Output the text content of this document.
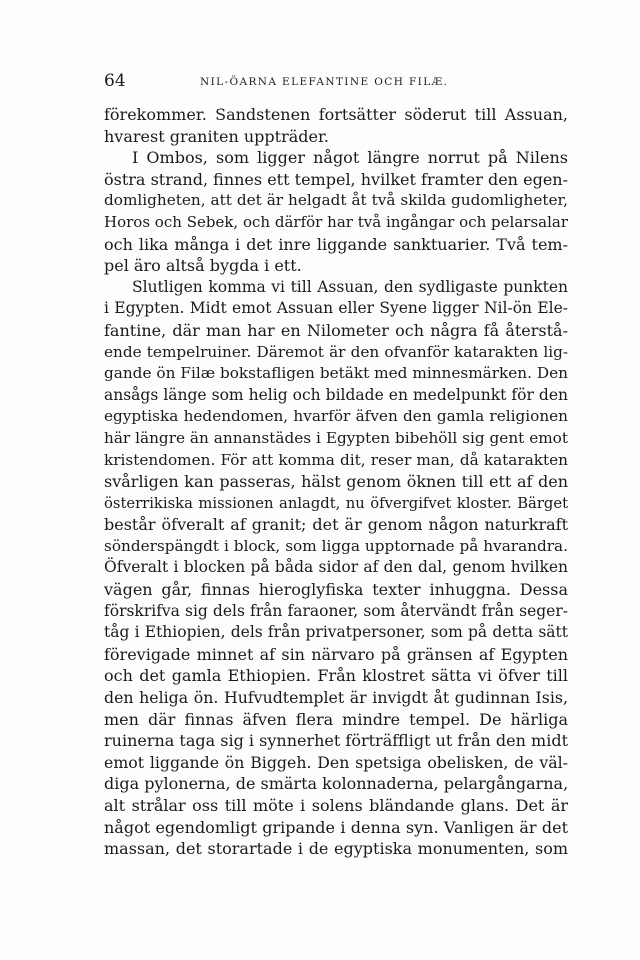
64	NIL-ÖARNA ELEFANTINE OCH FILÆ.
förekommer. Sandstenen fortsätter söderut till Assuan,
hvarest graniten uppträder.
I Ombos, som ligger något längre norrut på Nilens
östra strand, finnes ett tempel, hvilket framter den egen-
domligheten, att det är helgadt åt två skilda gudomligheter,
Horos och Sebek, och därför har två ingångar och pelarsalar
och lika många i det inre liggande sanktuarier. Två tem-
pel äro altså bygda i ett.
Slutligen komma vi till Assuan, den sydligaste punkten
i Egypten. Midt emot Assuan eller Syene ligger Nil-ön Ele-
fantine, där man har en Nilometer och några få återstå-
ende tempelruiner. Däremot är den ofvanför katarakten lig-
gande ön Filæ bokstafligen betäkt med minnesmärken. Den
ansågs länge som helig och bildade en medelpunkt för den
egyptiska hedendomen, hvarför äfven den gamla religionen
här längre än annanstädes i Egypten bibehöll sig gent emot
kristendomen. För att komma dit, reser man, då katarakten
svårligen kan passeras, hälst genom öknen till ett af den
österrikiska missionen anlagdt, nu öfvergifvet kloster. Bärget
består öfveralt af granit; det är genom någon naturkraft
sönderspängdt i block, som ligga upptornade på hvarandra.
Öfveralt i blocken på båda sidor af den dal, genom hvilken
vägen går, finnas hieroglyfiska texter inhuggna. Dessa
förskrifva sig dels från faraoner, som återvändt från seger-
tåg i Ethiopien, dels från privatpersoner, som på detta sätt
förevigade minnet af sin närvaro på gränsen af Egypten
och det gamla Ethiopien. Från klostret sätta vi öfver till
den heliga ön. Hufvudtemplet är invigdt åt gudinnan Isis,
men där finnas äfven flera mindre tempel. De härliga
ruinerna taga sig i synnerhet förträffligt ut från den midt
emot liggande ön Biggeh. Den spetsiga obelisken, de väl-
diga pylonerna, de smärta kolonnaderna, pelargångarna,
alt strålar oss till möte i solens bländande glans. Det är
något egendomligt gripande i denna syn. Vanligen är det
massan, det storartade i de egyptiska monumenten, som
